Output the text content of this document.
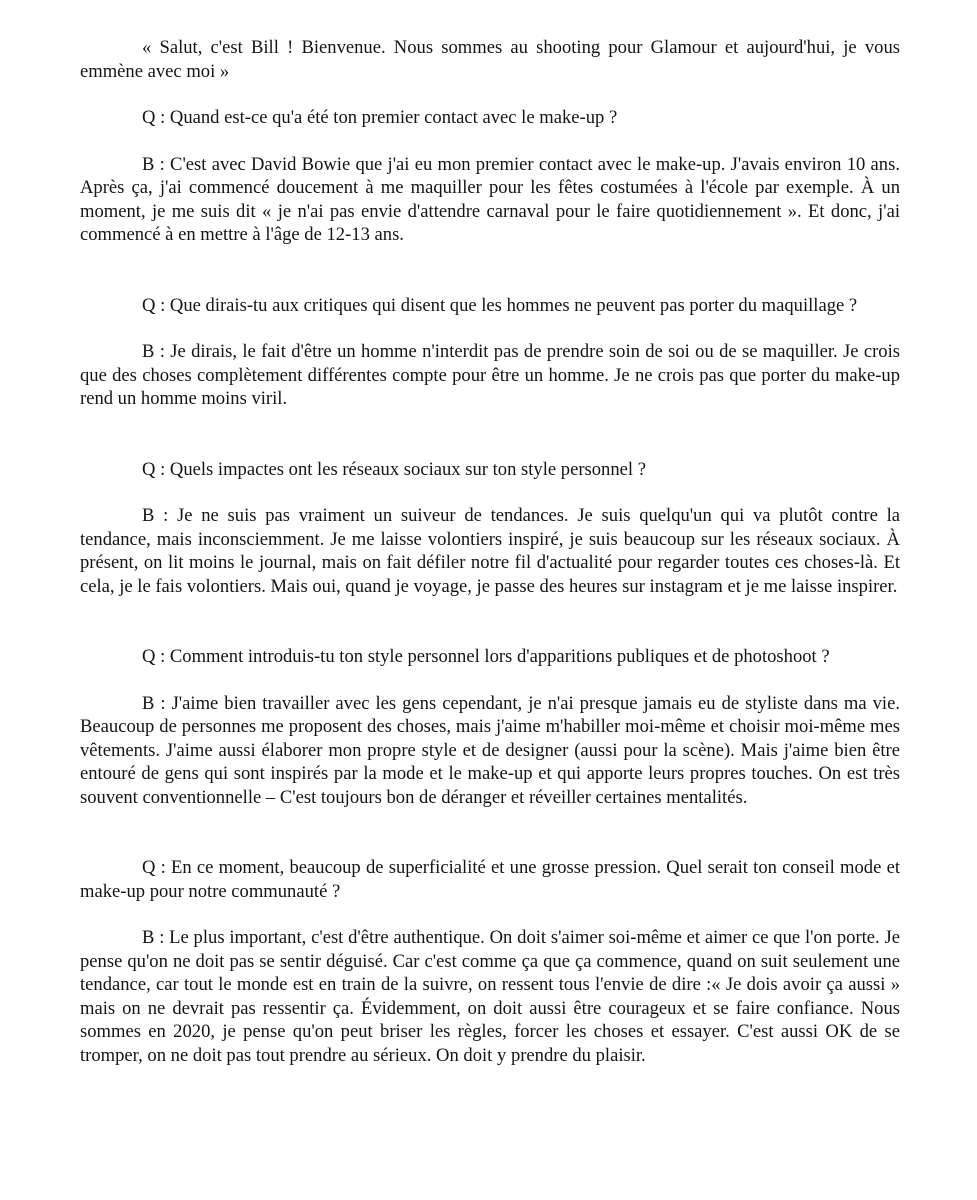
« Salut, c'est Bill ! Bienvenue. Nous sommes au shooting pour Glamour et aujourd'hui, je vous emmène avec moi »

Q : Quand est-ce qu'a été ton premier contact avec le make-up ?

B : C'est avec David Bowie que j'ai eu mon premier contact avec le make-up. J'avais environ 10 ans. Après ça, j'ai commencé doucement à me maquiller pour les fêtes costumées à l'école par exemple. À un moment, je me suis dit « je n'ai pas envie d'attendre carnaval pour le faire quotidiennement ». Et donc, j'ai commencé à en mettre à l'âge de 12-13 ans.

Q : Que dirais-tu aux critiques qui disent que les hommes ne peuvent pas porter du maquillage ?

B : Je dirais, le fait d'être un homme n'interdit pas de prendre soin de soi ou de se maquiller. Je crois que des choses complètement différentes compte pour être un homme. Je ne crois pas que porter du make-up rend un homme moins viril.

Q : Quels impactes ont les réseaux sociaux sur ton style personnel ?

B : Je ne suis pas vraiment un suiveur de tendances. Je suis quelqu'un qui va plutôt contre la tendance, mais inconsciemment. Je me laisse volontiers inspiré, je suis beaucoup sur les réseaux sociaux. À présent, on lit moins le journal, mais on fait défiler notre fil d'actualité pour regarder toutes ces choses-là. Et cela, je le fais volontiers. Mais oui, quand je voyage, je passe des heures sur instagram et je me laisse inspirer.

Q : Comment introduis-tu ton style personnel lors d'apparitions publiques et de photoshoot ?

B : J'aime bien travailler avec les gens cependant, je n'ai presque jamais eu de styliste dans ma vie. Beaucoup de personnes me proposent des choses, mais j'aime m'habiller moi-même et choisir moi-même mes vêtements. J'aime aussi élaborer mon propre style et de designer (aussi pour la scène). Mais j'aime bien être entouré de gens qui sont inspirés par la mode et le make-up et qui apporte leurs propres touches. On est très souvent conventionnelle – C'est toujours bon de déranger et réveiller certaines mentalités.

Q : En ce moment, beaucoup de superficialité et une grosse pression. Quel serait ton conseil mode et make-up pour notre communauté ?

B : Le plus important, c'est d'être authentique. On doit s'aimer soi-même et aimer ce que l'on porte. Je pense qu'on ne doit pas se sentir déguisé. Car c'est comme ça que ça commence, quand on suit seulement une tendance, car tout le monde est en train de la suivre, on ressent tous l'envie de dire :« Je dois avoir ça aussi » mais on ne devrait pas ressentir ça. Évidemment, on doit aussi être courageux et se faire confiance. Nous sommes en 2020, je pense qu'on peut briser les règles, forcer les choses et essayer. C'est aussi OK de se tromper, on ne doit pas tout prendre au sérieux. On doit y prendre du plaisir.
